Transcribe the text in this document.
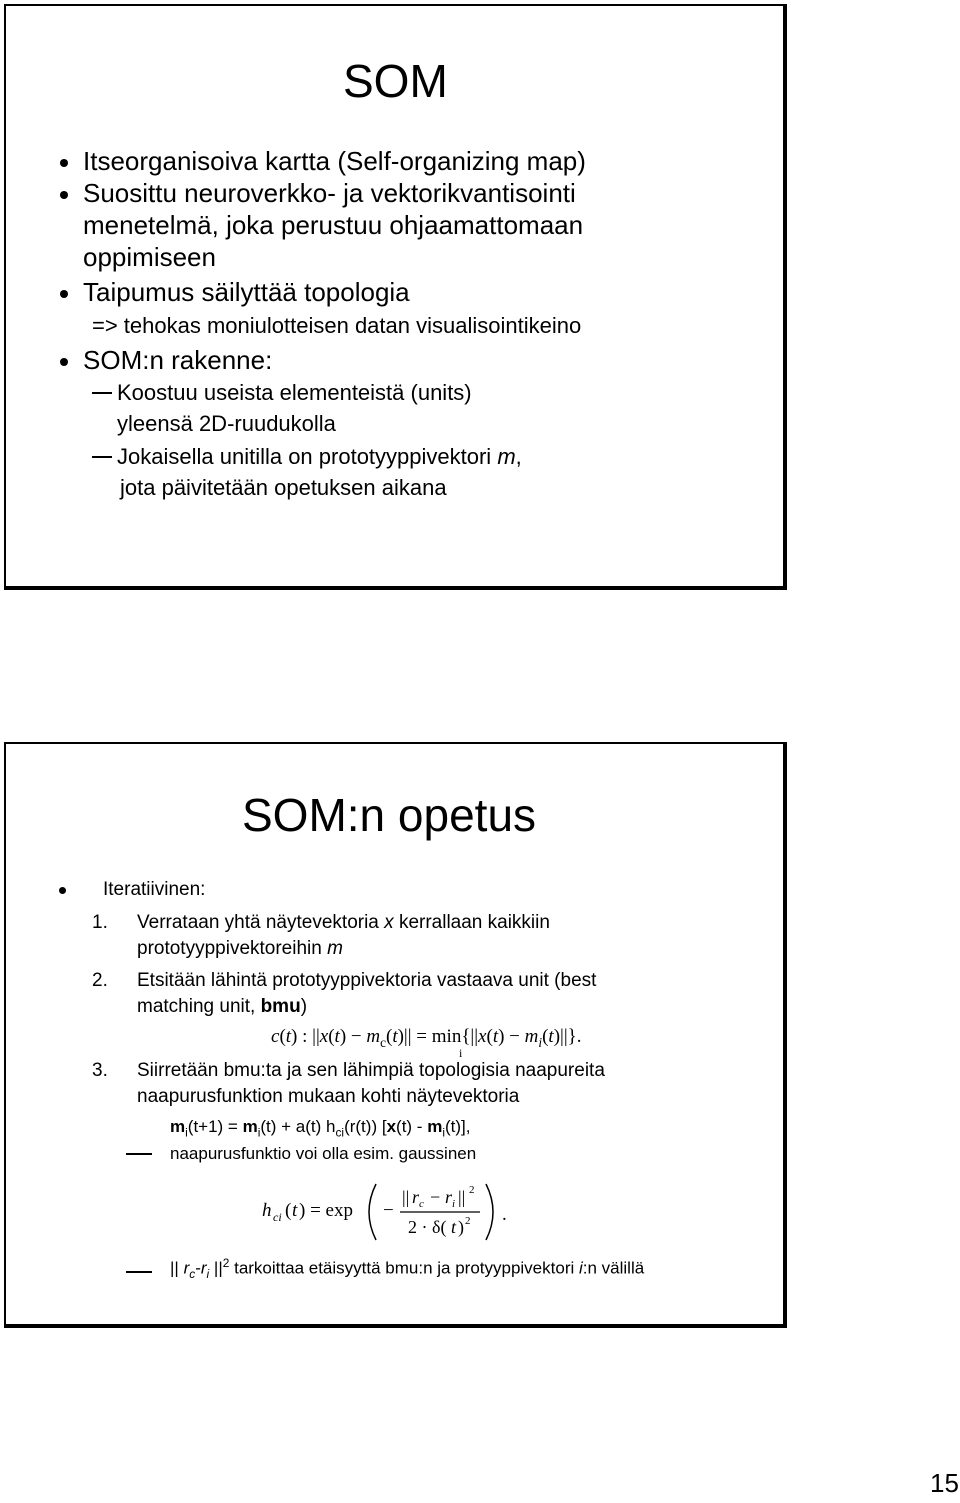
SOM
Itseorganisoiva kartta (Self-organizing map)
Suosittu neuroverkko- ja vektorikvantisointi
menetelmä, joka perustuu ohjaamattomaan
oppimiseen
Taipumus säilyttää topologia
=> tehokas moniulotteisen datan visualisointikeino
SOM:n rakenne:
Koostuu useista elementeistä (units)
yleensä 2D-ruudukolla
Jokaisella unitilla on prototyyppivektori m,
jota päivitetään opetuksen aikana
SOM:n opetus
Iteratiivinen:
1. Verrataan yhtä näytevektoria x kerrallaan kaikkiin
prototyyppivektoreihin m
2. Etsitään lähintä prototyyppivektoria vastaava unit (best
matching unit, bmu)
c(t) : $||x(t) - m_c(t)|| = \min\{||x(t) - m_i(t)||\}$.
i
3. Siirretään bmu:ta ja sen lähimpiä topologisia naapureita
naapurusfunktion mukaan kohti näytevektoria
$m_i(t+1) = m_i(t) + a(t)$ $h_{ci}(r(t))$ $[x(t) - m_i(t)]$,
naapurusfunktio voi olla esim. gaussinen
h ci ( t ) = exp −
|| r c − r i || 2
2 · δ( t ) 2 .
|| $r_c-r_i$ $||^2$ tarkoittaa etäisyyttä bmu:n ja protyyppivektori i:n välillä
15
